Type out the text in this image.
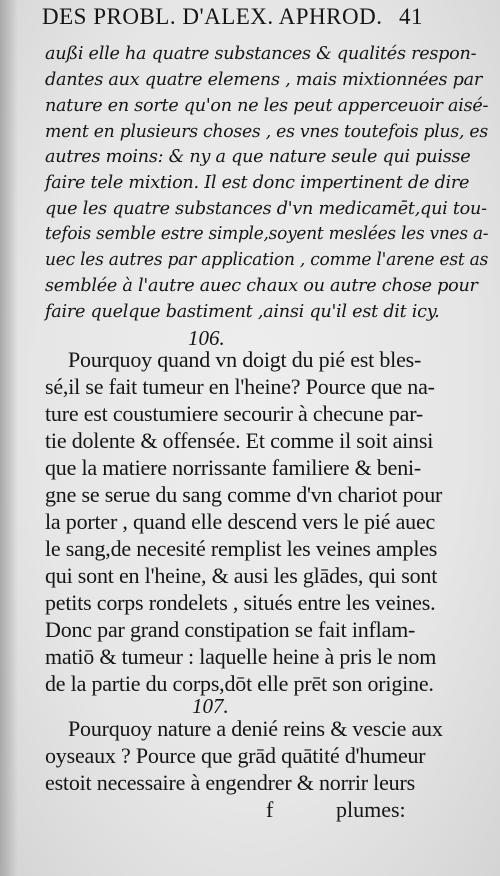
DES PROBL. D'ALEX. APHROD. 41
außi elle ha quatre substances & qualités respon-
dantes aux quatre elemens , mais mixtionnées par
nature en sorte qu'on ne les peut apperceuoir aisé-
ment en plusieurs choses , es vnes toutefois plus, es
autres moins: & ny a que nature seule qui puisse
faire tele mixtion. Il est donc impertinent de dire
que les quatre substances d'vn medicamēt,qui tou-
tefois semble estre simple,soyent meslées les vnes a-
uec les autres par application , comme l'arene est as
semblée à l'autre auec chaux ou autre chose pour
faire quelque bastiment ,ainsi qu'il est dit icy.
106.
Pourquoy quand vn doigt du pié est bles-
sé,il se fait tumeur en l'heine? Pource que na-
ture est coustumiere secourir à checune par-
tie dolente & offensée. Et comme il soit ainsi
que la matiere norrissante familiere & beni-
gne se serue du sang comme d'vn chariot pour
la porter , quand elle descend vers le pié auec
le sang,de necesité remplist les veines amples
qui sont en l'heine, & ausi les glādes, qui sont
petits corps rondelets , situés entre les veines.
Donc par grand constipation se fait inflam-
matiō & tumeur : laquelle heine à pris le nom
de la partie du corps,dōt elle prēt son origine.
107.
Pourquoy nature a denié reins & vescie aux
oyseaux ? Pource que grād quātité d'humeur
estoit necessaire à engendrer & norrir leurs
f	plumes:
